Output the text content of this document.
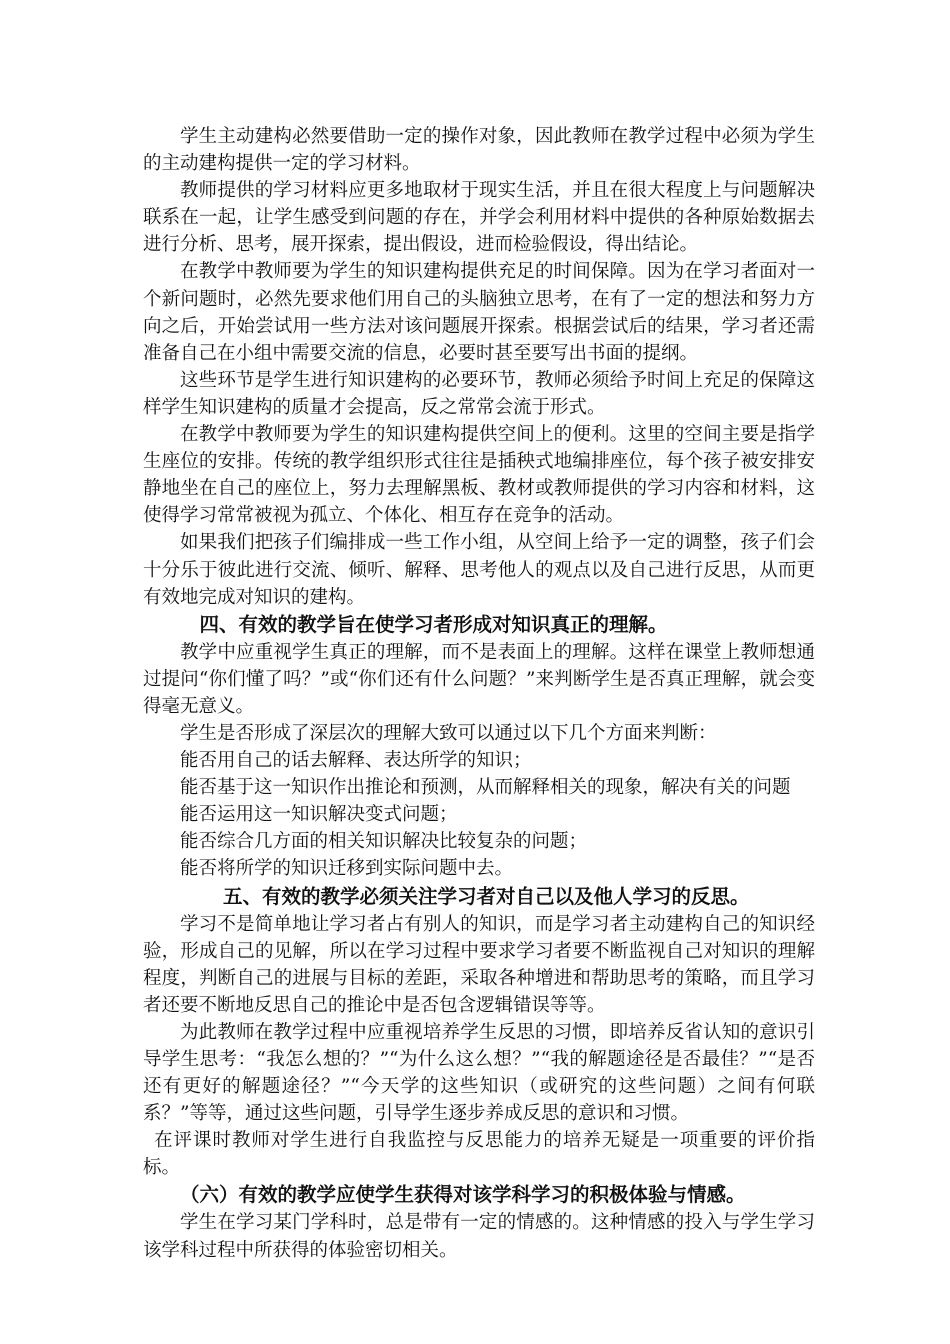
学生主动建构必然要借助一定的操作对象，因此教师在教学过程中必须为学生的主动建构提供一定的学习材料。

教师提供的学习材料应更多地取材于现实生活，并且在很大程度上与问题解决联系在一起，让学生感受到问题的存在，并学会利用材料中提供的各种原始数据去进行分析、思考，展开探索，提出假设，进而检验假设，得出结论。

在教学中教师要为学生的知识建构提供充足的时间保障。因为在学习者面对一个新问题时，必然先要求他们用自己的头脑独立思考，在有了一定的想法和努力方向之后，开始尝试用一些方法对该问题展开探索。根据尝试后的结果，学习者还需准备自己在小组中需要交流的信息，必要时甚至要写出书面的提纲。

这些环节是学生进行知识建构的必要环节，教师必须给予时间上充足的保障这样学生知识建构的质量才会提高，反之常常会流于形式。

在教学中教师要为学生的知识建构提供空间上的便利。这里的空间主要是指学生座位的安排。传统的教学组织形式往往是插秧式地编排座位，每个孩子被安排安静地坐在自己的座位上，努力去理解黑板、教材或教师提供的学习内容和材料，这使得学习常常被视为孤立、个体化、相互存在竞争的活动。

如果我们把孩子们编排成一些工作小组，从空间上给予一定的调整，孩子们会十分乐于彼此进行交流、倾听、解释、思考他人的观点以及自己进行反思，从而更有效地完成对知识的建构。

四、有效的教学旨在使学习者形成对知识真正的理解。

教学中应重视学生真正的理解，而不是表面上的理解。这样在课堂上教师想通过提问“你们懂了吗？”或“你们还有什么问题？”来判断学生是否真正理解，就会变得毫无意义。

学生是否形成了深层次的理解大致可以通过以下几个方面来判断：

能否用自己的话去解释、表达所学的知识；

能否基于这一知识作出推论和预测，从而解释相关的现象，解决有关的问题

能否运用这一知识解决变式问题；

能否综合几方面的相关知识解决比较复杂的问题；

能否将所学的知识迁移到实际问题中去。

五、有效的教学必须关注学习者对自己以及他人学习的反思。

学习不是简单地让学习者占有别人的知识，而是学习者主动建构自己的知识经验，形成自己的见解，所以在学习过程中要求学习者要不断监视自己对知识的理解程度，判断自己的进展与目标的差距，采取各种增进和帮助思考的策略，而且学习者还要不断地反思自己的推论中是否包含逻辑错误等等。

为此教师在教学过程中应重视培养学生反思的习惯，即培养反省认知的意识引导学生思考：“我怎么想的？”“为什么这么想？”“我的解题途径是否最佳？”“是否还有更好的解题途径？”“今天学的这些知识（或研究的这些问题）之间有何联系？”等等，通过这些问题，引导学生逐步养成反思的意识和习惯。

在评课时教师对学生进行自我监控与反思能力的培养无疑是一项重要的评价指标。

（六）有效的教学应使学生获得对该学科学习的积极体验与情感。

学生在学习某门学科时，总是带有一定的情感的。这种情感的投入与学生学习该学科过程中所获得的体验密切相关。
